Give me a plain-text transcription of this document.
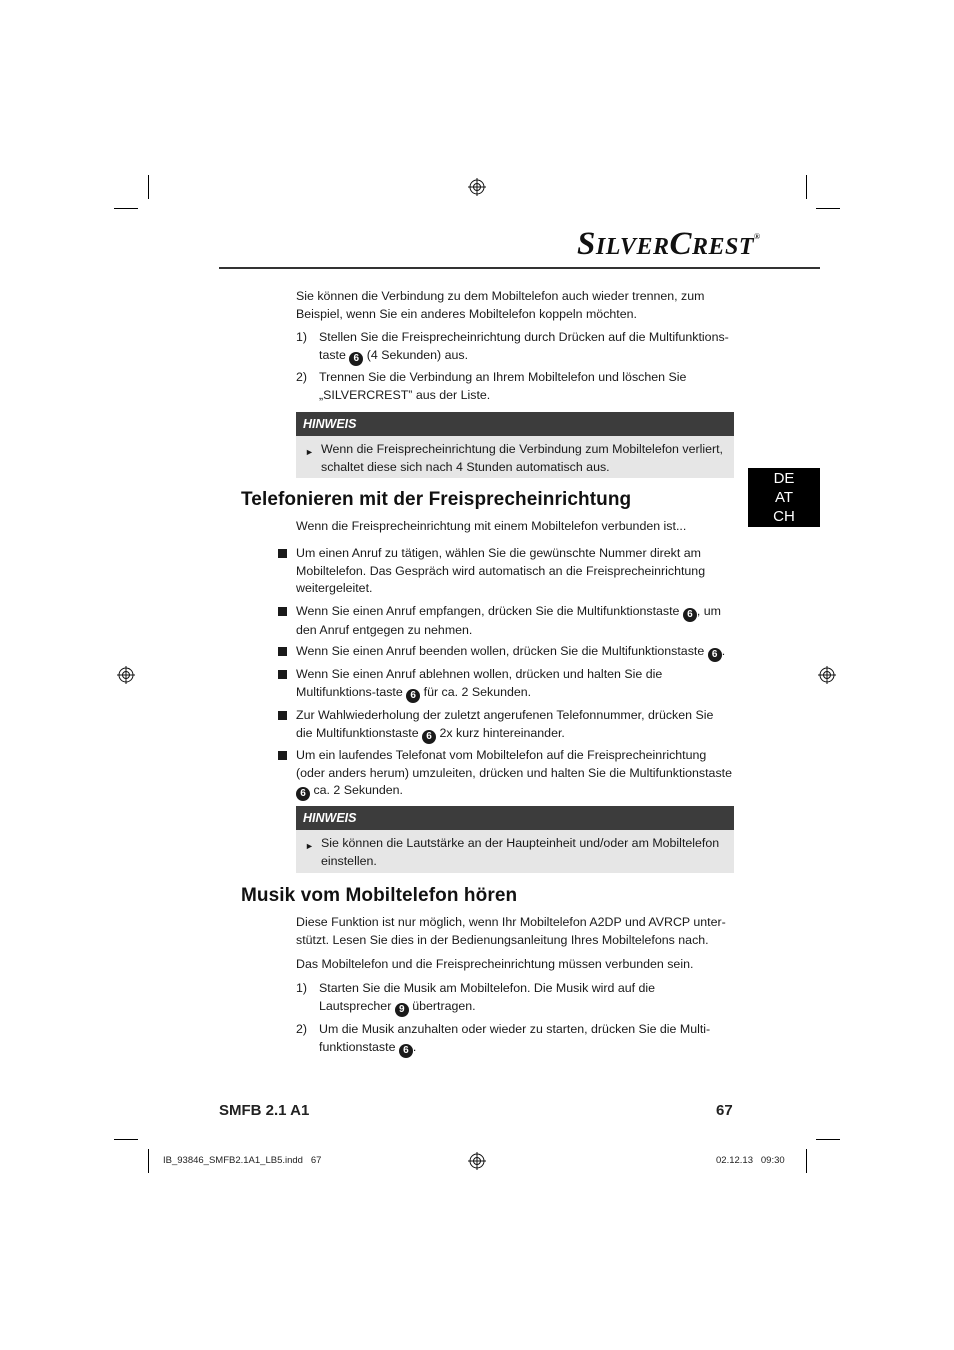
SILVERCREST®
Sie können die Verbindung zu dem Mobiltelefon auch wieder trennen, zum Beispiel, wenn Sie ein anderes Mobiltelefon koppeln möchten.
1) Stellen Sie die Freisprecheinrichtung durch Drücken auf die Multifunktions-taste 6 (4 Sekunden) aus.
2) Trennen Sie die Verbindung an Ihrem Mobiltelefon und löschen Sie „SILVERCREST” aus der Liste.
HINWEIS
► Wenn die Freisprecheinrichtung die Verbindung zum Mobiltelefon verliert, schaltet diese sich nach 4 Stunden automatisch aus.
Telefonieren mit der Freisprecheinrichtung
DE
AT
CH
Wenn die Freisprecheinrichtung mit einem Mobiltelefon verbunden ist...
Um einen Anruf zu tätigen, wählen Sie die gewünschte Nummer direkt am Mobiltelefon. Das Gespräch wird automatisch an die Freisprecheinrichtung weitergeleitet.
Wenn Sie einen Anruf empfangen, drücken Sie die Multifunktionstaste 6 , um den Anruf entgegen zu nehmen.
Wenn Sie einen Anruf beenden wollen, drücken Sie die Multifunktionstaste 6 .
Wenn Sie einen Anruf ablehnen wollen, drücken und halten Sie die Multifunktions-taste 6 für ca. 2 Sekunden.
Zur Wahlwiederholung der zuletzt angerufenen Telefonnummer, drücken Sie die Multifunktionstaste 6 2x kurz hintereinander.
Um ein laufendes Telefonat vom Mobiltelefon auf die Freisprecheinrichtung (oder anders herum) umzuleiten, drücken und halten Sie die Multifunktionstaste 6 ca. 2 Sekunden.
HINWEIS
► Sie können die Lautstärke an der Haupteinheit und/oder am Mobiltelefon einstellen.
Musik vom Mobiltelefon hören
Diese Funktion ist nur möglich, wenn Ihr Mobiltelefon A2DP und AVRCP unter-stützt. Lesen Sie dies in der Bedienungsanleitung Ihres Mobiltelefons nach.
Das Mobiltelefon und die Freisprecheinrichtung müssen verbunden sein.
1) Starten Sie die Musik am Mobiltelefon. Die Musik wird auf die Lautsprecher 9 übertragen.
2) Um die Musik anzuhalten oder wieder zu starten, drücken Sie die Multi-funktionstaste 6 .
SMFB 2.1 A1	67
IB_93846_SMFB2.1A1_LB5.indd   67	02.12.13   09:30
